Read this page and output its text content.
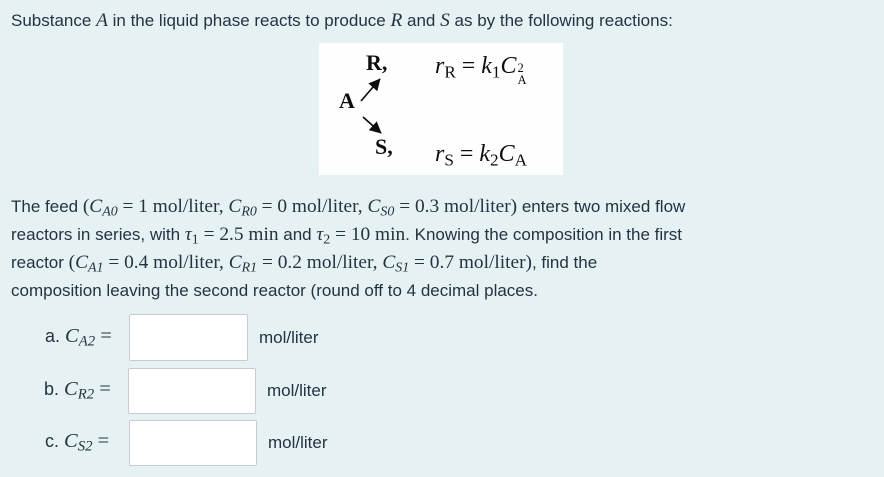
Substance A in the liquid phase reacts to produce R and S as by the following reactions:
A
R,
S,
$r_R = k_1C$ 2
A
$r_S = k_2C_A$
The feed ($C_{A0} = 1$ mol/liter, $C_{R0} = 0$ mol/liter, $C_{S0} = 0.3$ mol/liter) enters two mixed flow
reactors in series, with $\tau_1 = 2.5$ min and $\tau_2 = 10$ min. Knowing the composition in the first
reactor ($C_{A1} = 0.4$ mol/liter, $C_{R1} = 0.2$ mol/liter, $C_{S1} = 0.7$ mol/liter), find the
composition leaving the second reactor (round off to 4 decimal places.
a. $C_{A2}$ =	mol/liter
b. $C_{R2}$ =	mol/liter
c. $C_{S2}$ =	mol/liter
